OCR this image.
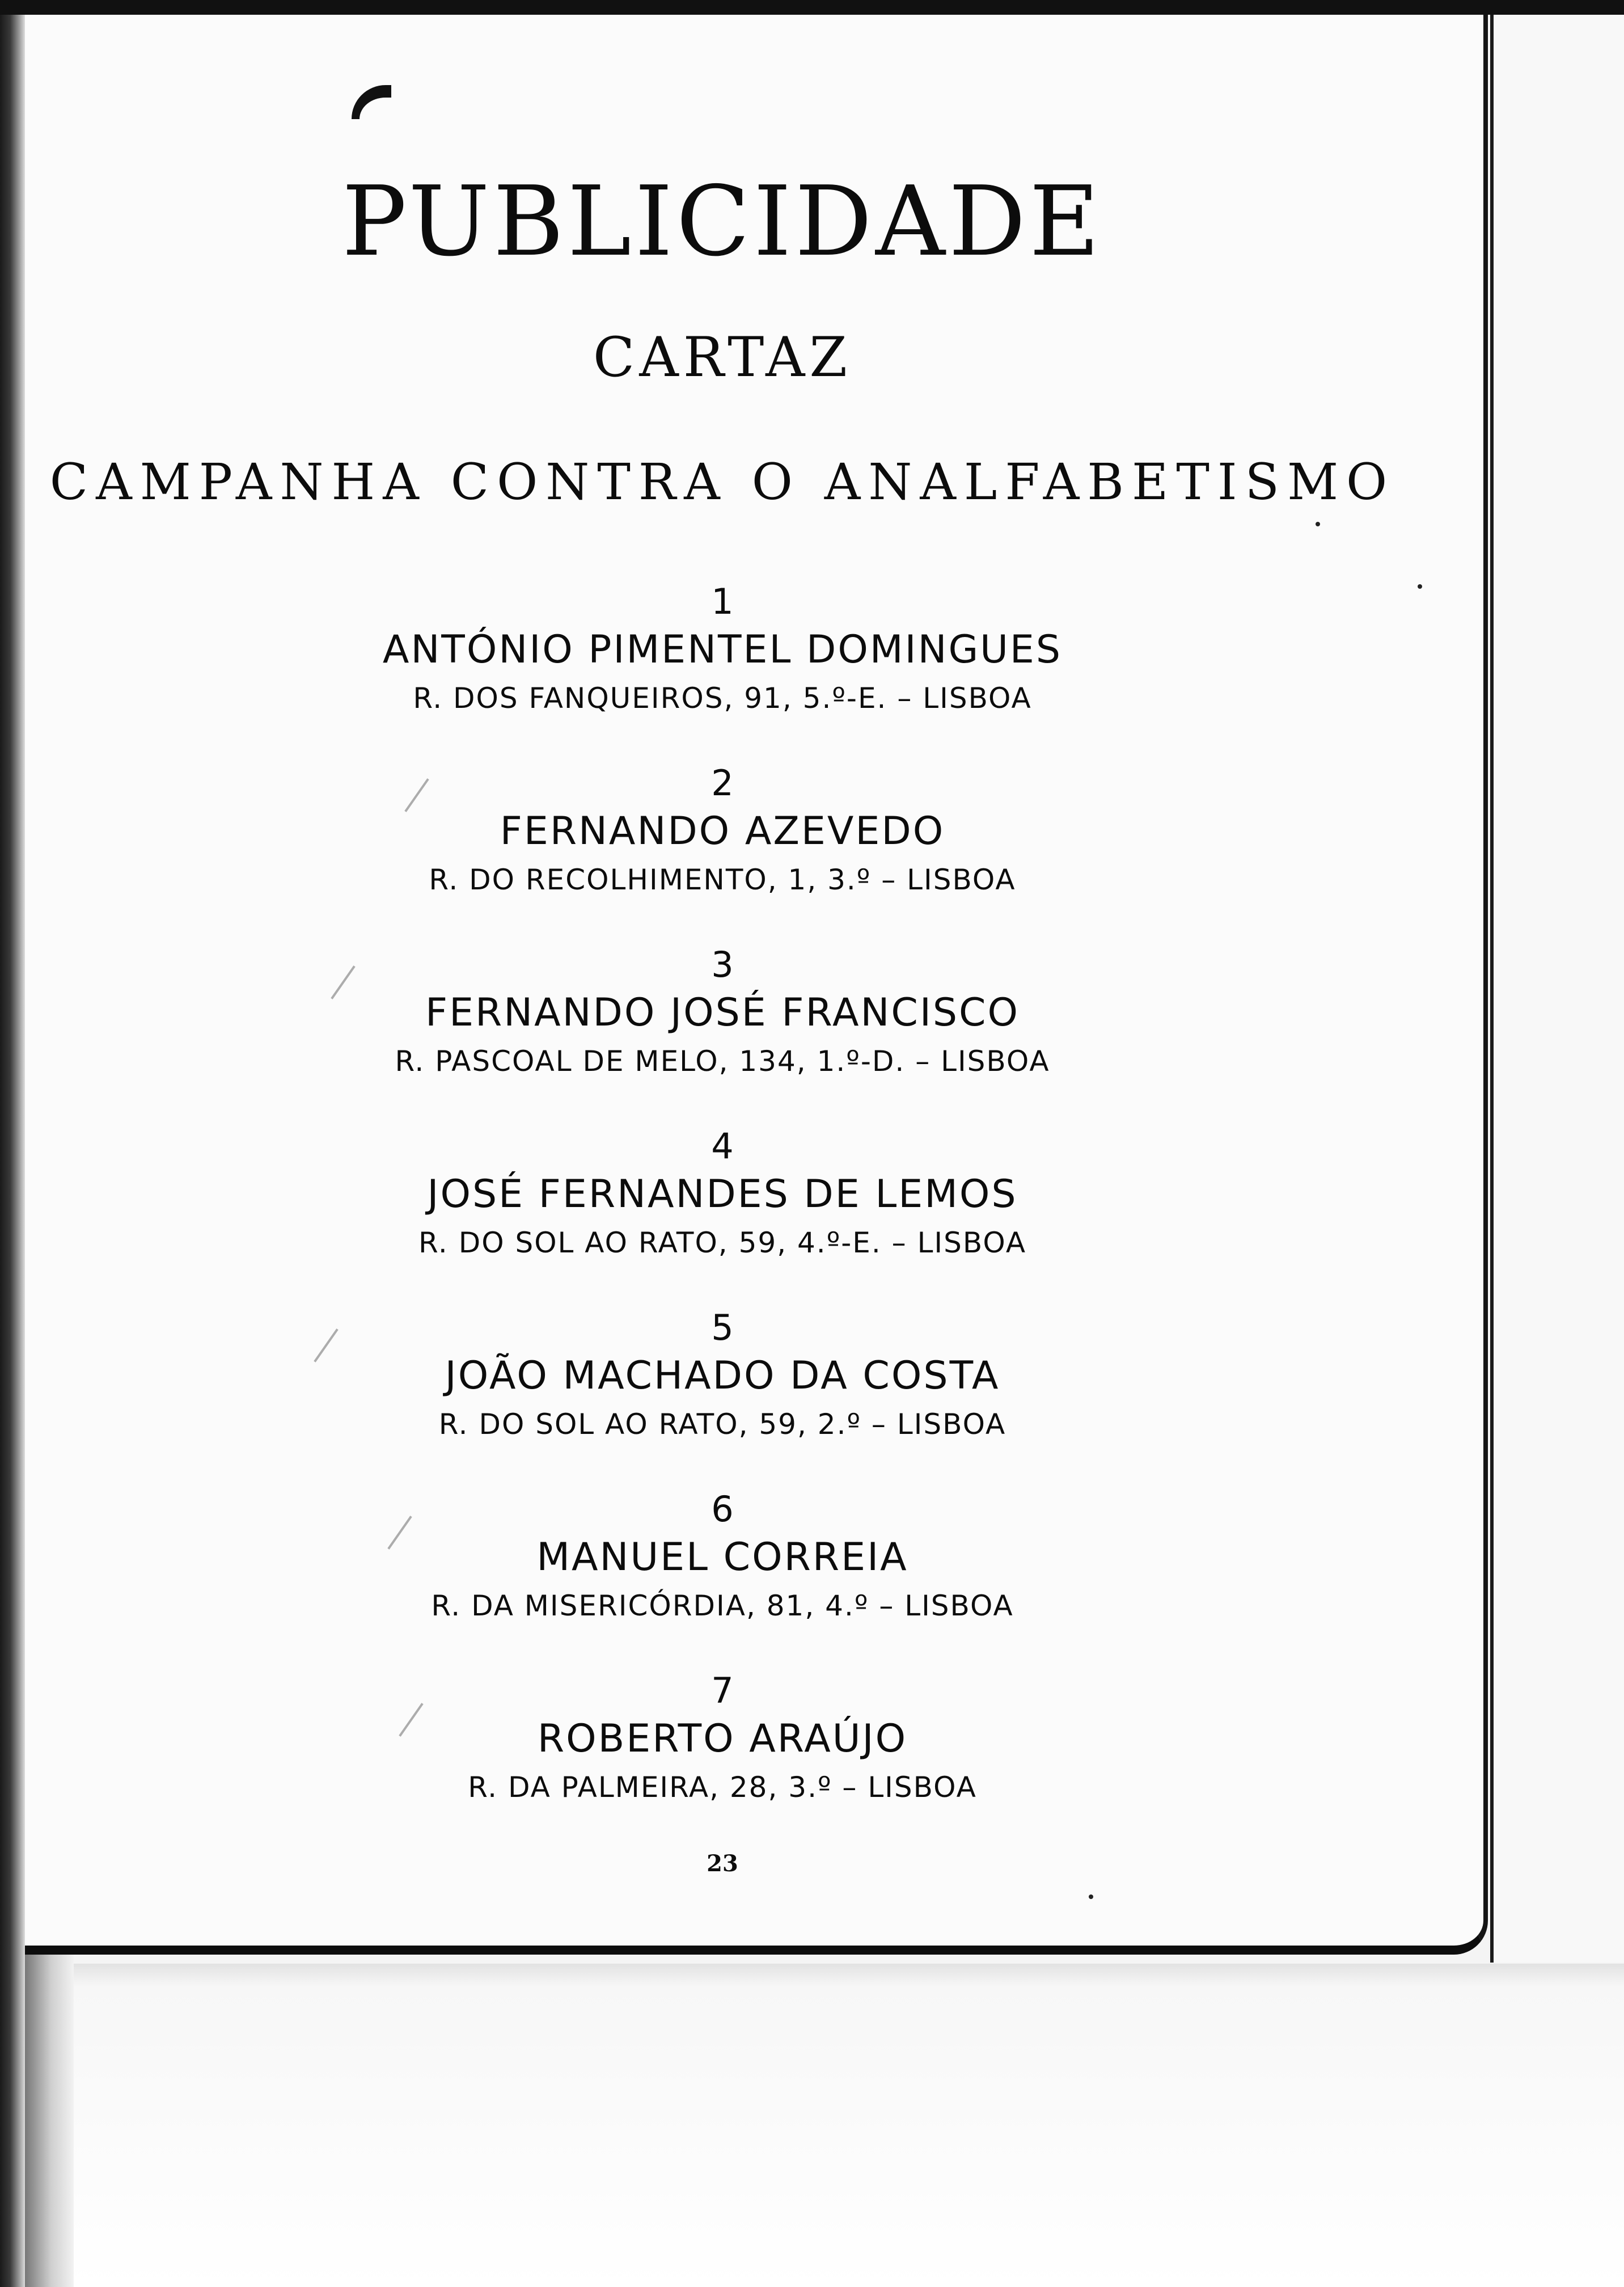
PUBLICIDADE
CARTAZ
CAMPANHA CONTRA O ANALFABETISMO
1
ANTÓNIO PIMENTEL DOMINGUES
R. DOS FANQUEIROS, 91, 5.º-E. – LISBOA
2
FERNANDO AZEVEDO
R. DO RECOLHIMENTO, 1, 3.º – LISBOA
3
FERNANDO JOSÉ FRANCISCO
R. PASCOAL DE MELO, 134, 1.º-D. – LISBOA
4
JOSÉ FERNANDES DE LEMOS
R. DO SOL AO RATO, 59, 4.º-E. – LISBOA
5
JOÃO MACHADO DA COSTA
R. DO SOL AO RATO, 59, 2.º – LISBOA
6
MANUEL CORREIA
R. DA MISERICÓRDIA, 81, 4.º – LISBOA
7
ROBERTO ARAÚJO
R. DA PALMEIRA, 28, 3.º – LISBOA
23
